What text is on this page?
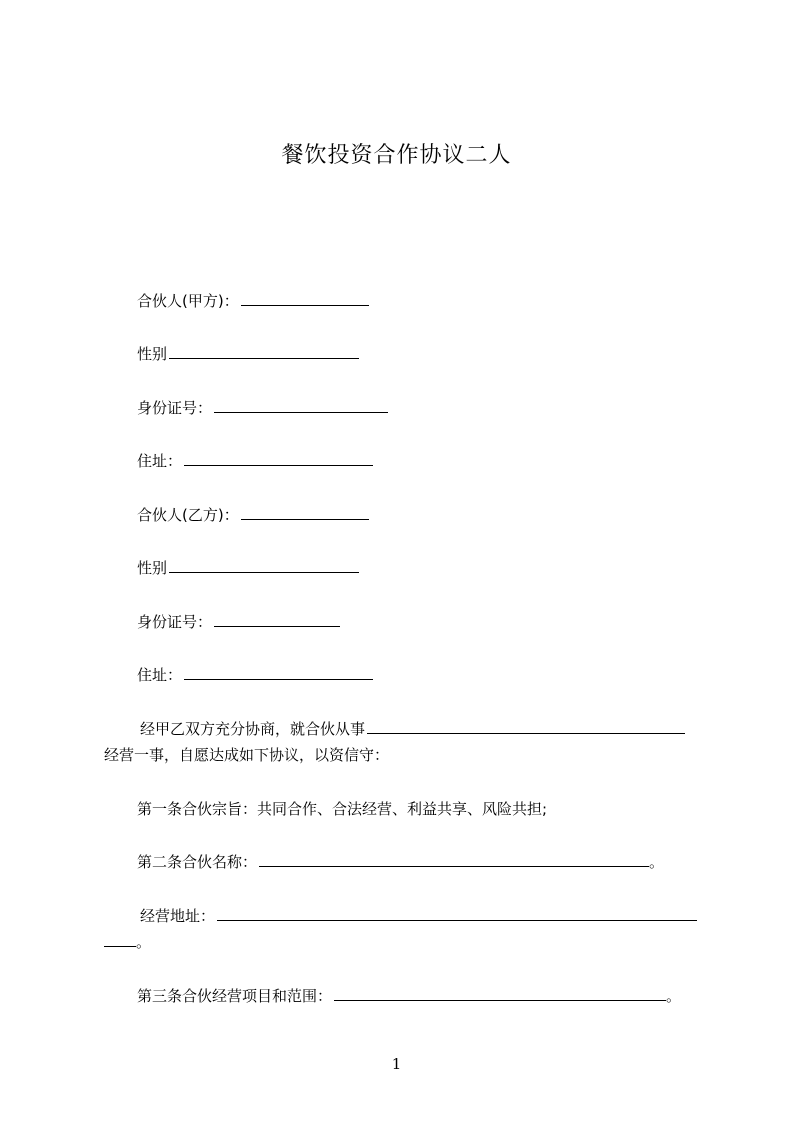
餐饮投资合作协议二人
合伙人(甲方)：
性别
身份证号：
住址：
合伙人(乙方)：
性别
身份证号：
住址：
经甲乙双方充分协商，就合伙从事
经营一事，自愿达成如下协议，以资信守：
第一条合伙宗旨：共同合作、合法经营、利益共享、风险共担;
第二条合伙名称：	。
经营地址：
。
第三条合伙经营项目和范围：	。
1
